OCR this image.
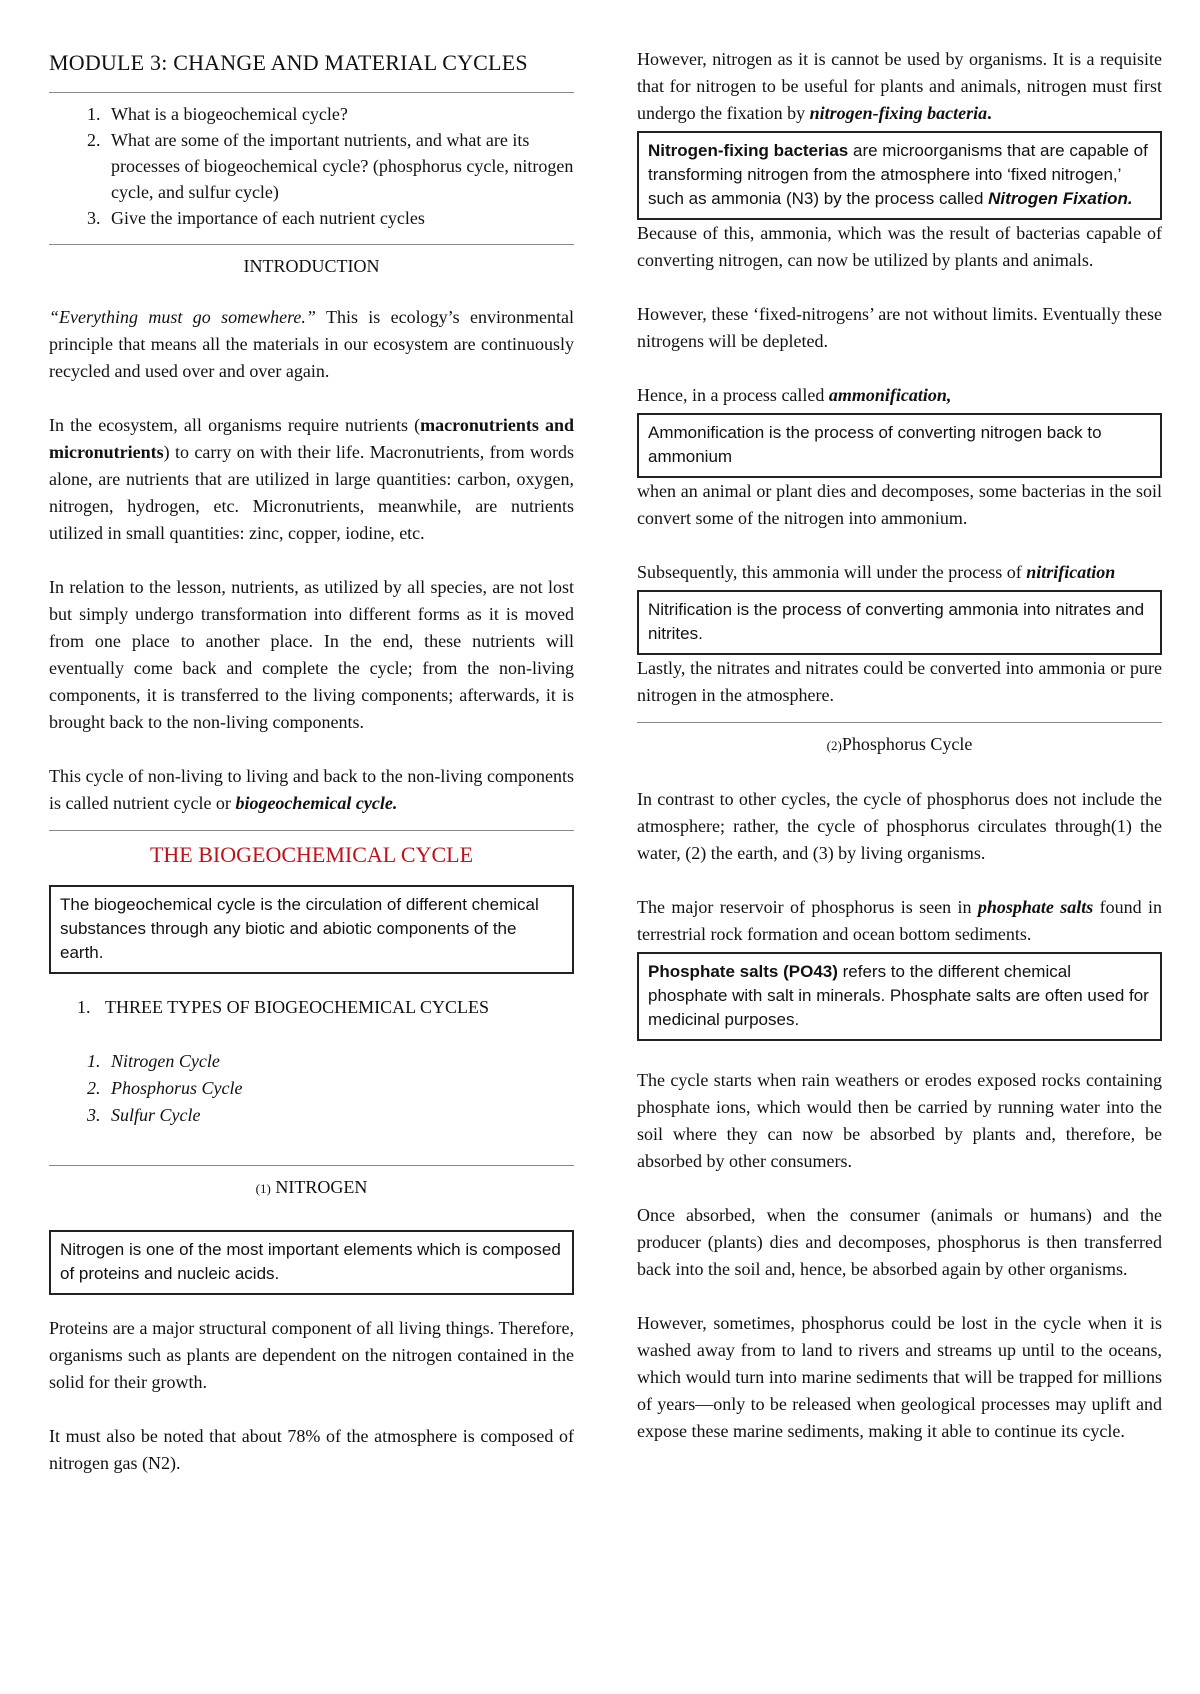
MODULE 3: CHANGE AND MATERIAL CYCLES
1. What is a biogeochemical cycle?
2. What are some of the important nutrients, and what are its processes of biogeochemical cycle? (phosphorus cycle, nitrogen cycle, and sulfur cycle)
3. Give the importance of each nutrient cycles

INTRODUCTION

“Everything must go somewhere.” This is ecology’s environmental principle that means all the materials in our ecosystem are continuously recycled and used over and over again.

In the ecosystem, all organisms require nutrients (macronutrients and micronutrients) to carry on with their life. Macronutrients, from words alone, are nutrients that are utilized in large quantities: carbon, oxygen, nitrogen, hydrogen, etc. Micronutrients, meanwhile, are nutrients utilized in small quantities: zinc, copper, iodine, etc.

In relation to the lesson, nutrients, as utilized by all species, are not lost but simply undergo transformation into different forms as it is moved from one place to another place. In the end, these nutrients will eventually come back and complete the cycle; from the non-living components, it is transferred to the living components; afterwards, it is brought back to the non-living components.

This cycle of non-living to living and back to the non-living components is called nutrient cycle or biogeochemical cycle.

THE BIOGEOCHEMICAL CYCLE

The biogeochemical cycle is the circulation of different chemical substances through any biotic and abiotic components of the earth.

1. THREE TYPES OF BIOGEOCHEMICAL CYCLES

1. Nitrogen Cycle
2. Phosphorus Cycle
3. Sulfur Cycle

(1) NITROGEN

Nitrogen is one of the most important elements which is composed of proteins and nucleic acids.

Proteins are a major structural component of all living things. Therefore, organisms such as plants are dependent on the nitrogen contained in the solid for their growth.

It must also be noted that about 78% of the atmosphere is composed of nitrogen gas (N2).

However, nitrogen as it is cannot be used by organisms. It is a requisite that for nitrogen to be useful for plants and animals, nitrogen must first undergo the fixation by nitrogen-fixing bacteria.

Nitrogen-fixing bacterias are microorganisms that are capable of transforming nitrogen from the atmosphere into ‘fixed nitrogen,’ such as ammonia (N3) by the process called Nitrogen Fixation.

Because of this, ammonia, which was the result of bacterias capable of converting nitrogen, can now be utilized by plants and animals.

However, these ‘fixed-nitrogens’ are not without limits. Eventually these nitrogens will be depleted.

Hence, in a process called ammonification,

Ammonification is the process of converting nitrogen back to ammonium

when an animal or plant dies and decomposes, some bacterias in the soil convert some of the nitrogen into ammonium.

Subsequently, this ammonia will under the process of nitrification

Nitrification is the process of converting ammonia into nitrates and nitrites.

Lastly, the nitrates and nitrates could be converted into ammonia or pure nitrogen in the atmosphere.

(2)Phosphorus Cycle

In contrast to other cycles, the cycle of phosphorus does not include the atmosphere; rather, the cycle of phosphorus circulates through(1) the water, (2) the earth, and (3) by living organisms.

The major reservoir of phosphorus is seen in phosphate salts found in terrestrial rock formation and ocean bottom sediments.

Phosphate salts (PO43) refers to the different chemical phosphate with salt in minerals. Phosphate salts are often used for medicinal purposes.

The cycle starts when rain weathers or erodes exposed rocks containing phosphate ions, which would then be carried by running water into the soil where they can now be absorbed by plants and, therefore, be absorbed by other consumers.

Once absorbed, when the consumer (animals or humans) and the producer (plants) dies and decomposes, phosphorus is then transferred back into the soil and, hence, be absorbed again by other organisms.

However, sometimes, phosphorus could be lost in the cycle when it is washed away from to land to rivers and streams up until to the oceans, which would turn into marine sediments that will be trapped for millions of years—only to be released when geological processes may uplift and expose these marine sediments, making it able to continue its cycle.
